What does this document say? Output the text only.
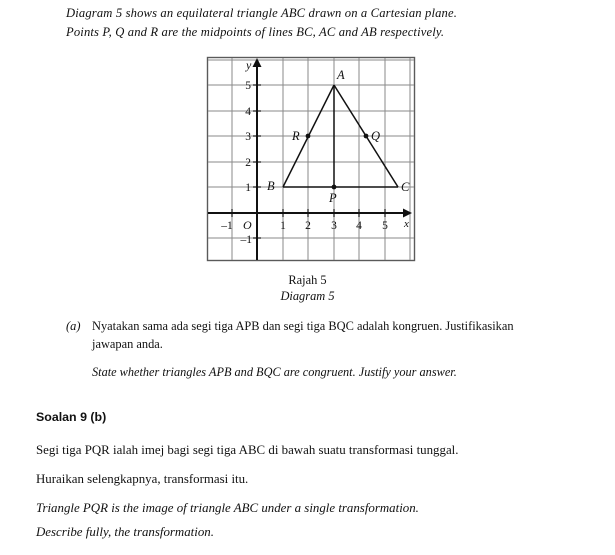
Diagram 5 shows an equilateral triangle ABC drawn on a Cartesian plane.
Points P, Q and R are the midpoints of lines BC, AC and AB respectively.
y
x
O
5
4
3
2
1
–1
–1	1 2 3 4 5
A
B	C
P
Q
R
Rajah 5
Diagram 5
(a) Nyatakan sama ada segi tiga APB dan segi tiga BQC adalah kongruen. Justifikasikan
jawapan anda.
State whether triangles APB and BQC are congruent. Justify your answer.
Soalan 9 (b)
Segi tiga PQR ialah imej bagi segi tiga ABC di bawah suatu transformasi tunggal.
Huraikan selengkapnya, transformasi itu.
Triangle PQR is the image of triangle ABC under a single transformation.
Describe fully, the transformation.
